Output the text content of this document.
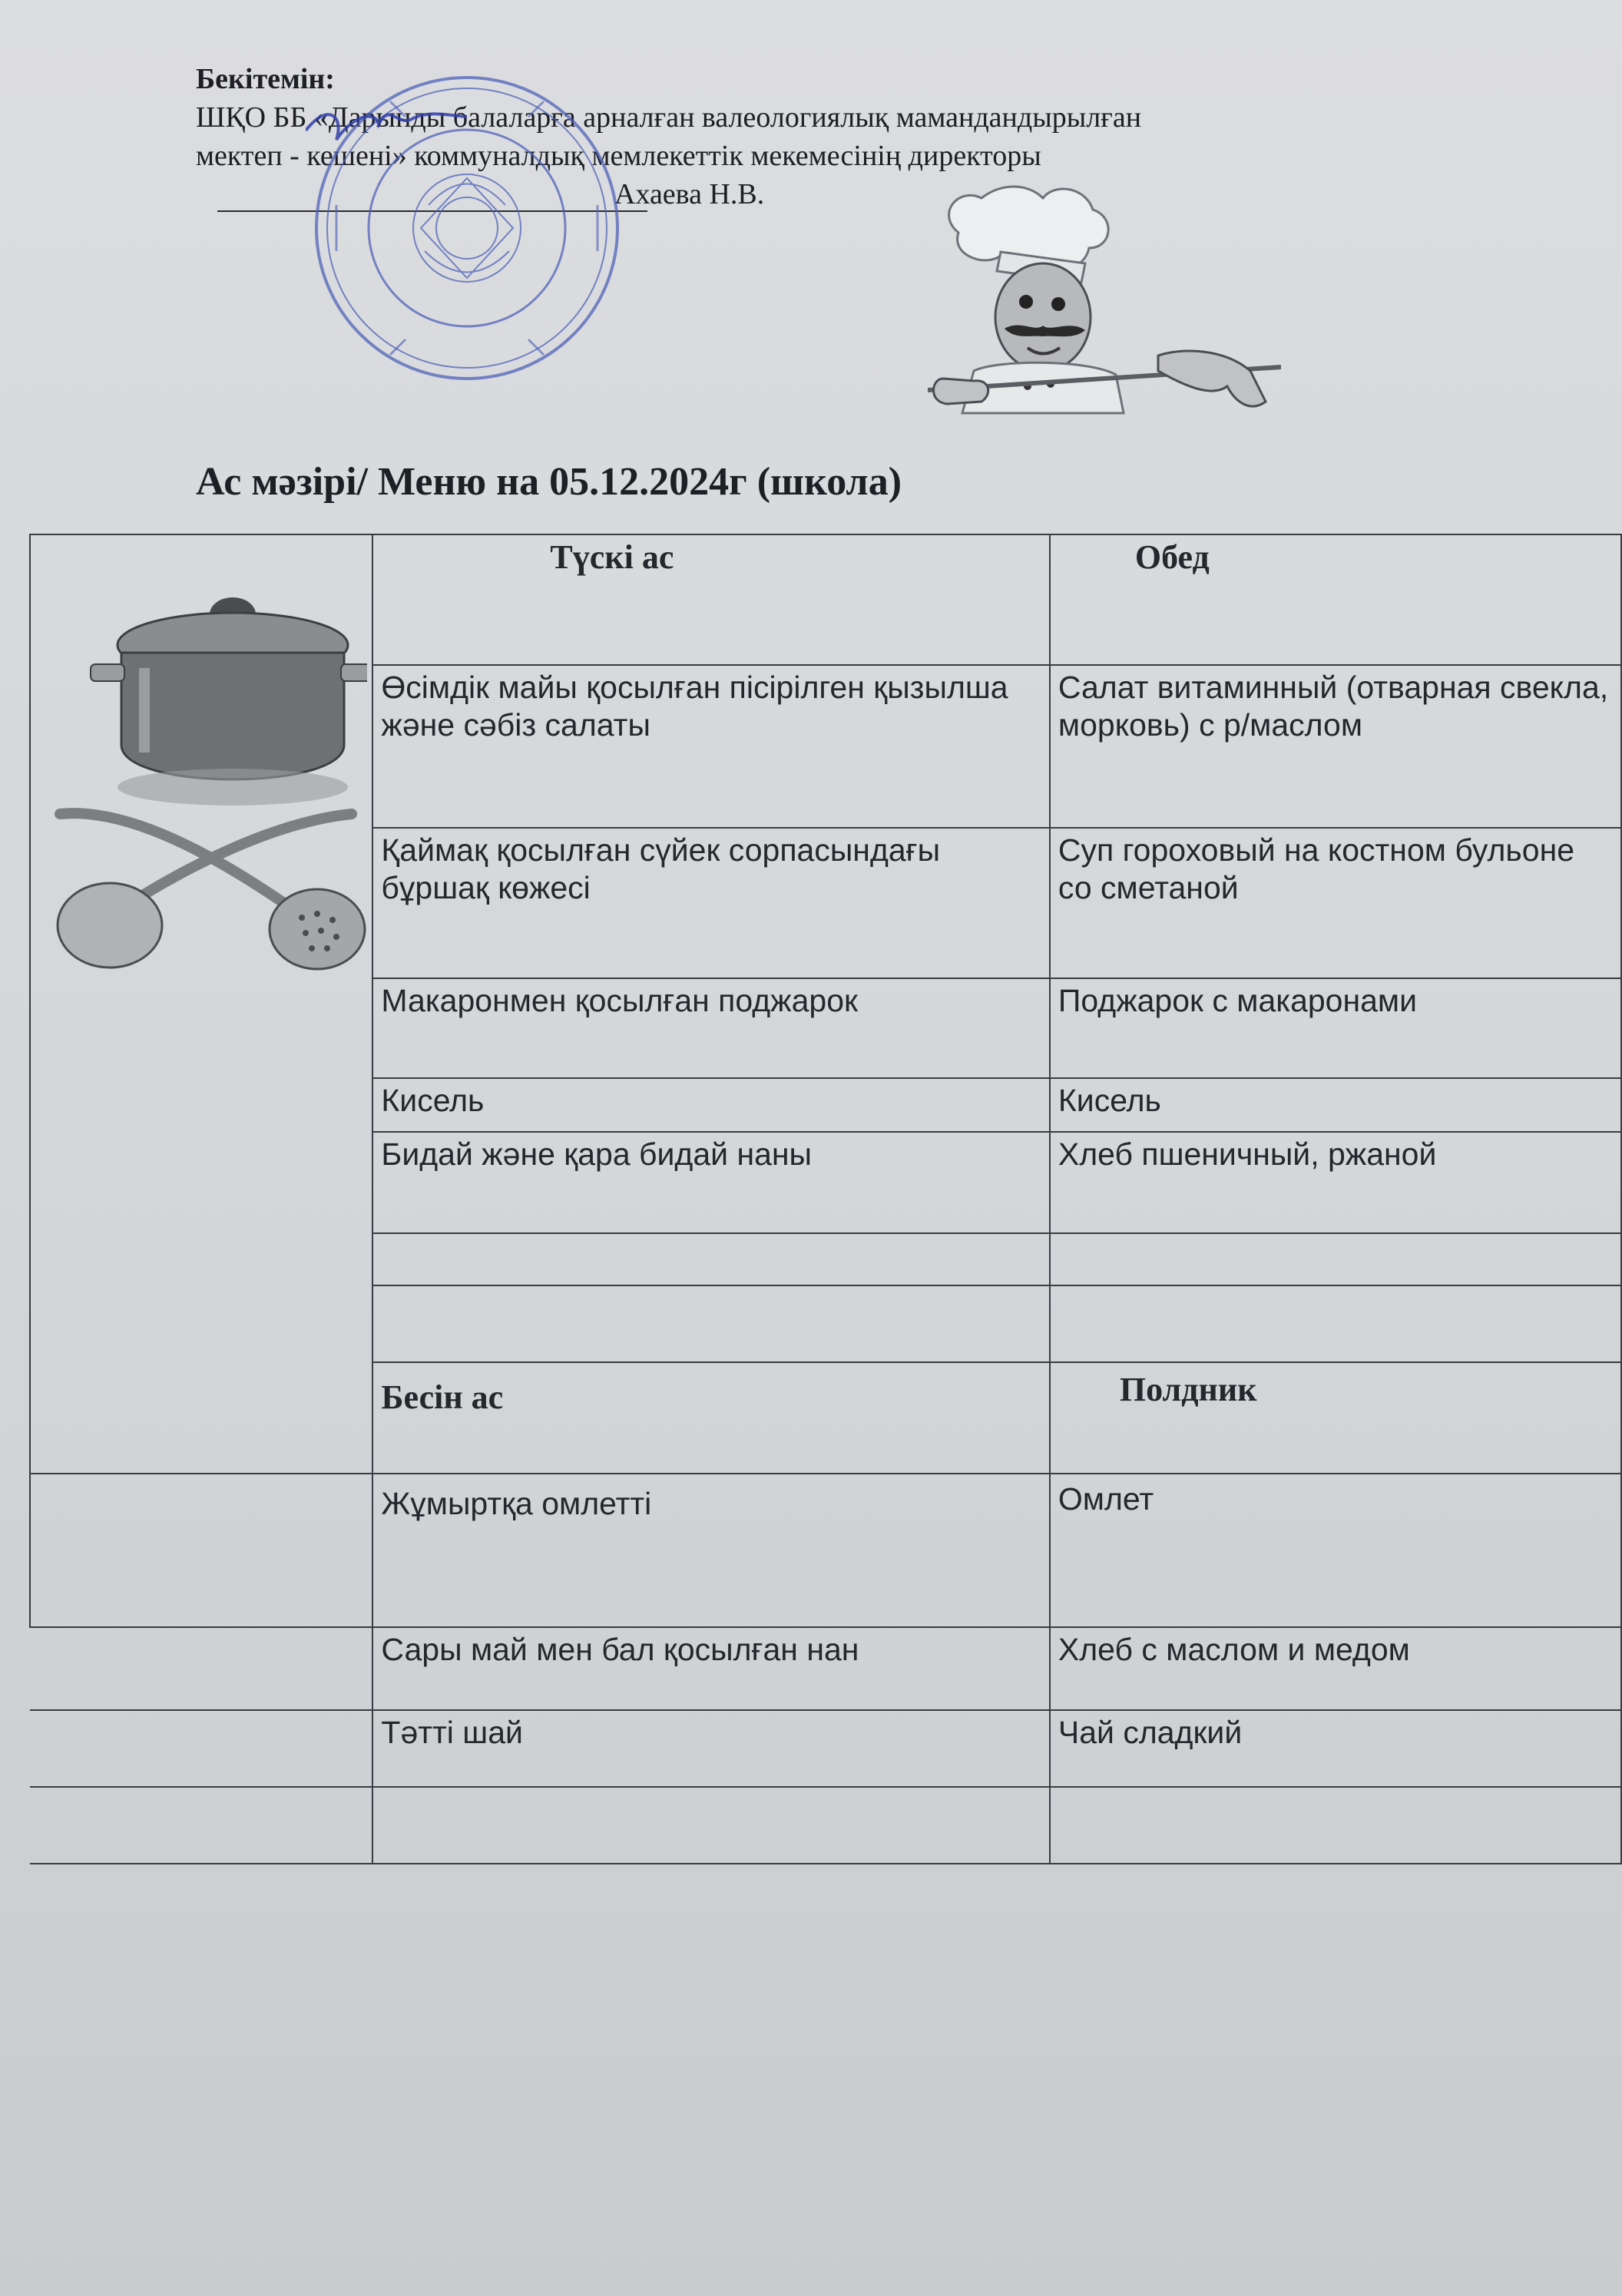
Бекітемін:
ШҚО ББ «Дарынды балаларға арналған валеологиялық мамандандырылған
мектеп - кешені» коммуналдық мемлекеттік мекемесінің директоры
Ахаева Н.В.
Ас мәзірі/ Меню на 05.12.2024г (школа)
	Түскі ас	Обед
	Өсімдік майы қосылған пісірілген қызылша және сәбіз салаты	Салат витаминный (отварная свекла, морковь) с р/маслом
	Қаймақ қосылған сүйек сорпасындағы бұршақ көжесі	Суп гороховый на костном бульоне со сметаной
	Макаронмен қосылған поджарок	Поджарок с макаронами
	Кисель	Кисель
	Бидай және қара бидай наны	Хлеб пшеничный, ржаной

	Бесін ас	Полдник
	Жұмыртқа омлетті	Омлет
	Сары май мен бал қосылған нан	Хлеб с маслом и медом
	Тәтті шай	Чай сладкий
